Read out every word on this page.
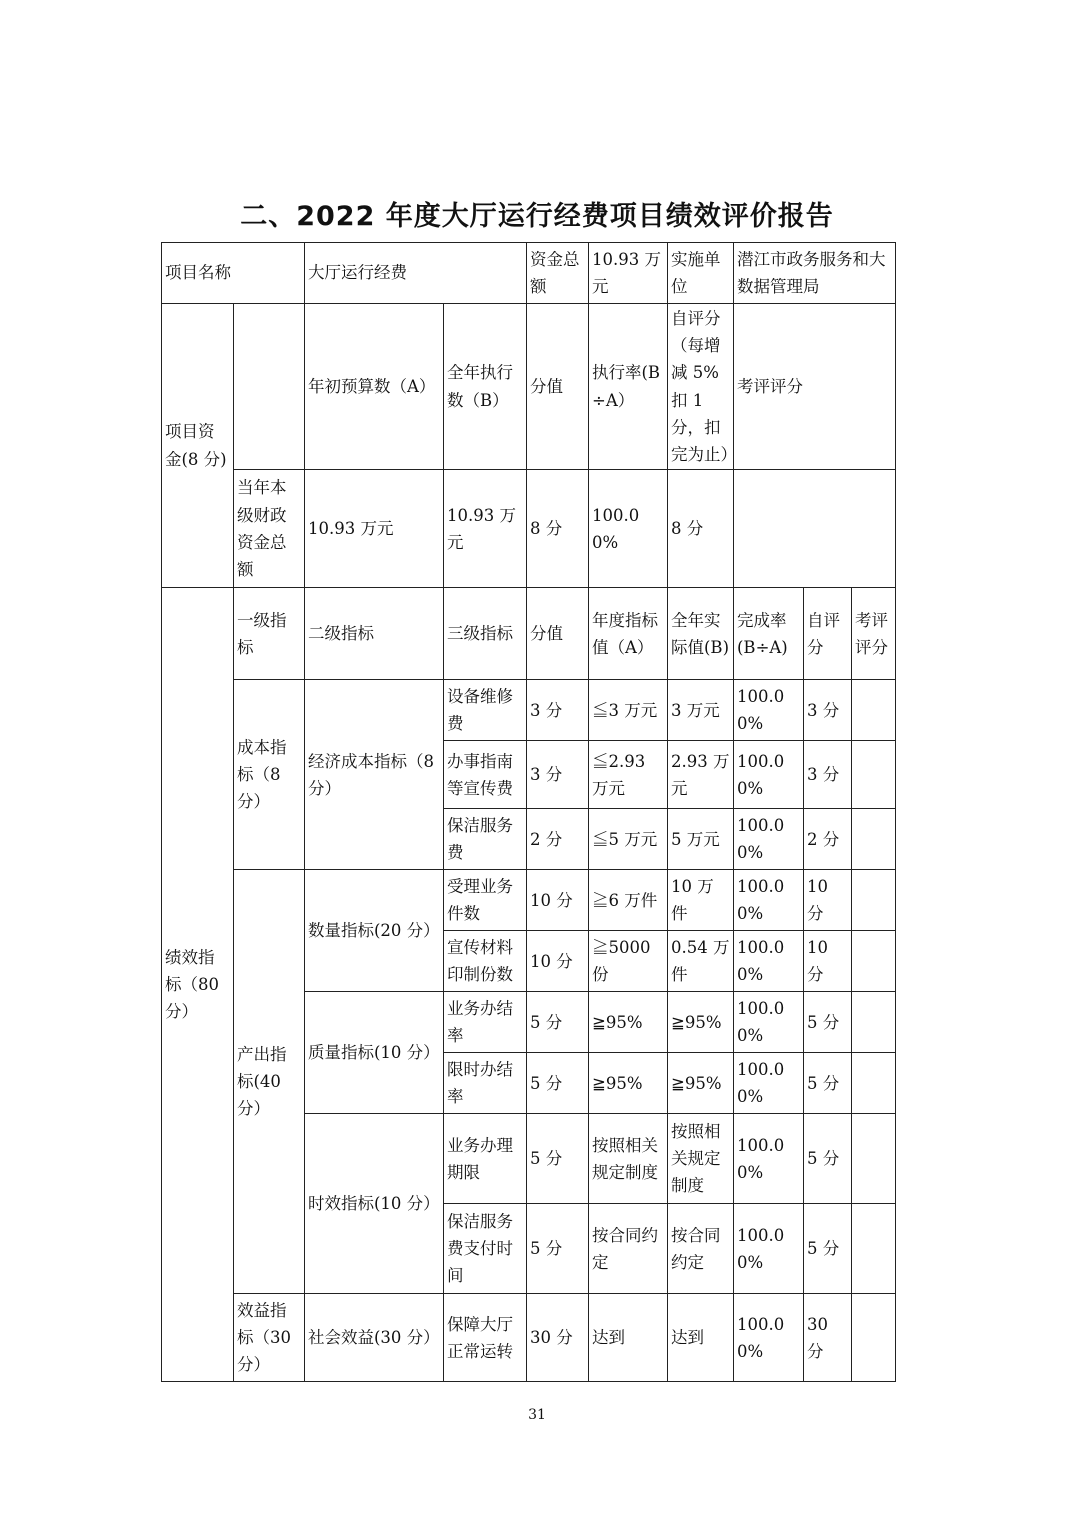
二、2022 年度大厅运行经费项目绩效评价报告
项目名称		大厅运行经费		资金总额	10.93 万元	实施单位	潜江市政务服务和大数据管理局		
项目资金(8 分)		年初预算数（A）	全年执行数（B）	分值	执行率(B÷A）	自评分（每增减 5%扣 1 分，扣完为止）	考评评分		
	当年本级财政资金总额	10.93 万元	10.93 万元	8 分	100.00%	8 分			
绩效指标（80 分）	一级指标	二级指标	三级指标	分值	年度指标值（A）	全年实际值(B)	完成率(B÷A)	自评分	考评评分
	成本指标（8 分）	经济成本指标（8 分）	设备维修费	3 分	≦3 万元	3 万元	100.00%	3 分	
			办事指南等宣传费	3 分	≦2.93 万元	2.93 万元	100.00%	3 分	
			保洁服务费	2 分	≦5 万元	5 万元	100.00%	2 分	
	产出指标(40 分）	数量指标(20 分）	受理业务件数	10 分	≧6 万件	10 万件	100.00%	10 分	
			宣传材料印制份数	10 分	≧5000 份	0.54 万件	100.00%	10 分	
		质量指标(10 分）	业务办结率	5 分	≧95%	≧95%	100.00%	5 分	
			限时办结率	5 分	≧95%	≧95%	100.00%	5 分	
		时效指标(10 分）	业务办理期限	5 分	按照相关规定制度	按照相关规定制度	100.00%	5 分	
			保洁服务费支付时间	5 分	按合同约定	按合同约定	100.00%	5 分	
	效益指标（30 分）	社会效益(30 分）	保障大厅正常运转	30 分	达到	达到	100.00%	30 分	
31
